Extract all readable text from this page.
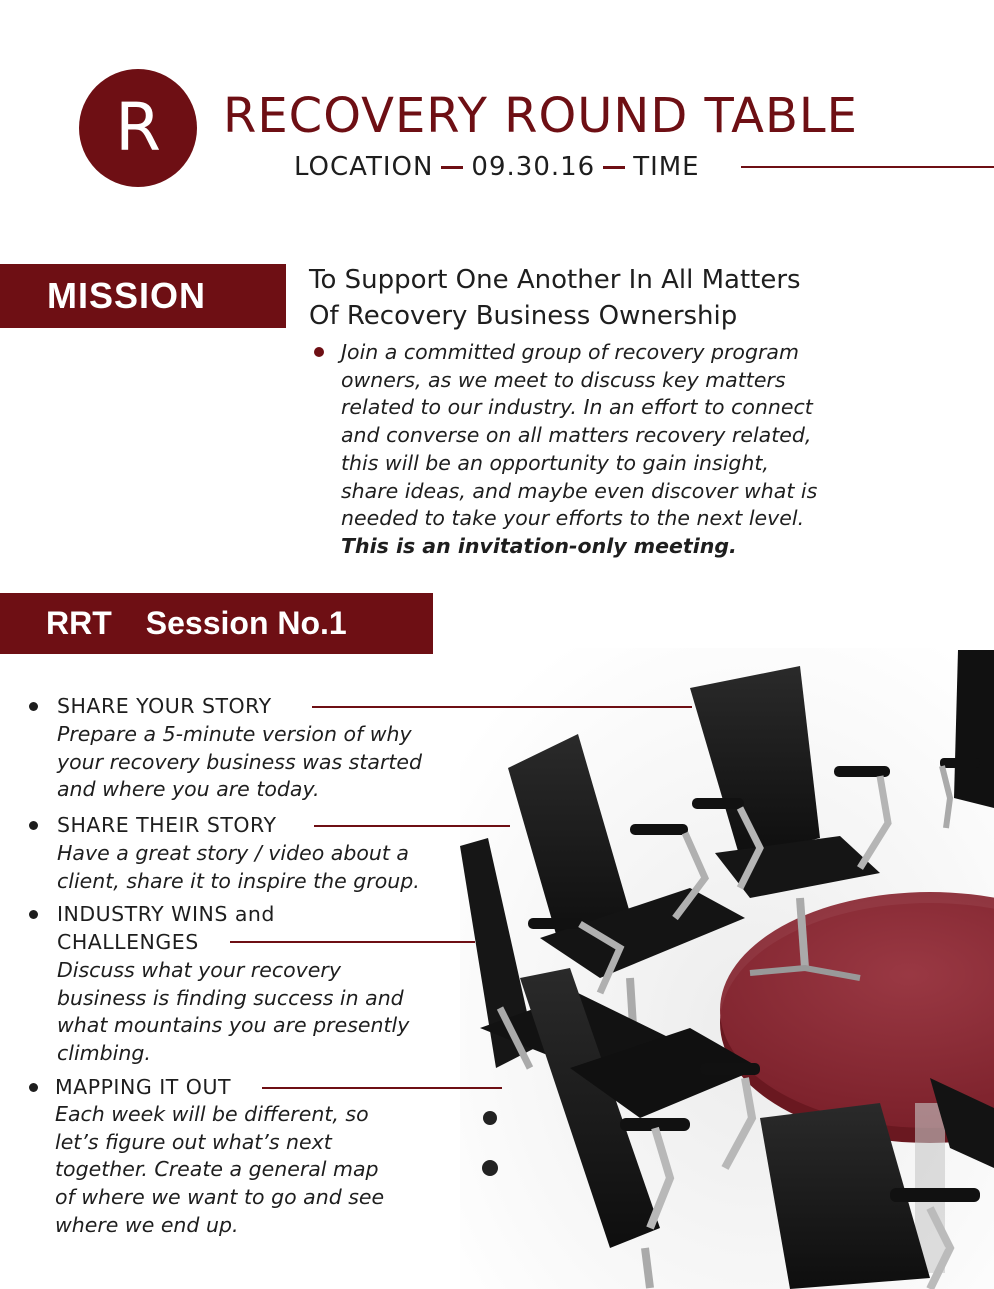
R RECOVERY ROUND TABLE
LOCATION 09.30.16 TIME
MISSION	To Support One Another In All Matters
Of Recovery Business Ownership
Join a committed group of recovery program
owners, as we meet to discuss key matters
related to our industry. In an effort to connect
and converse on all matters recovery related,
this will be an opportunity to gain insight,
share ideas, and maybe even discover what is
needed to take your efforts to the next level.
This is an invitation-only meeting.
RRT Session No.1
SHARE YOUR STORY
Prepare a 5-minute version of why
your recovery business was started
and where you are today.
SHARE THEIR STORY
Have a great story / video about a
client, share it to inspire the group.
INDUSTRY WINS and
CHALLENGES
Discuss what your recovery
business is finding success in and
what mountains you are presently
climbing.
MAPPING IT OUT
Each week will be different, so
let’s figure out what’s next
together. Create a general map
of where we want to go and see
where we end up.
